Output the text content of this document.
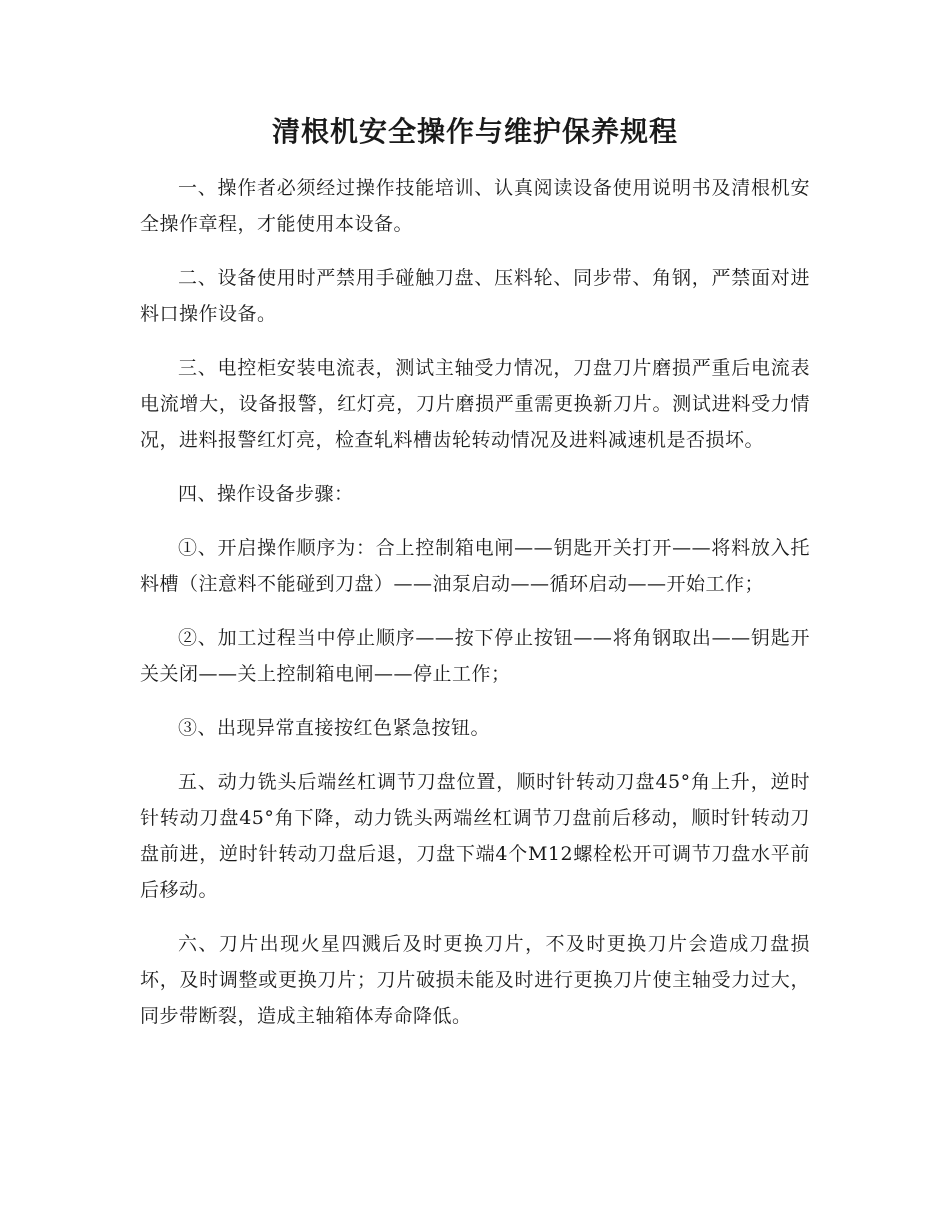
清根机安全操作与维护保养规程

一、操作者必须经过操作技能培训、认真阅读设备使用说明书及清根机安全操作章程，才能使用本设备。

二、设备使用时严禁用手碰触刀盘、压料轮、同步带、角钢，严禁面对进料口操作设备。

三、电控柜安装电流表，测试主轴受力情况，刀盘刀片磨损严重后电流表电流增大，设备报警，红灯亮，刀片磨损严重需更换新刀片。测试进料受力情况，进料报警红灯亮，检查轧料槽齿轮转动情况及进料减速机是否损坏。

四、操作设备步骤：

①、开启操作顺序为：合上控制箱电闸——钥匙开关打开——将料放入托料槽（注意料不能碰到刀盘）——油泵启动——循环启动——开始工作；

②、加工过程当中停止顺序——按下停止按钮——将角钢取出——钥匙开关关闭——关上控制箱电闸——停止工作；

③、出现异常直接按红色紧急按钮。

五、动力铣头后端丝杠调节刀盘位置，顺时针转动刀盘45°角上升，逆时针转动刀盘45°角下降，动力铣头两端丝杠调节刀盘前后移动，顺时针转动刀盘前进，逆时针转动刀盘后退，刀盘下端4个M12螺栓松开可调节刀盘水平前后移动。

六、刀片出现火星四溅后及时更换刀片，不及时更换刀片会造成刀盘损坏，及时调整或更换刀片；刀片破损未能及时进行更换刀片使主轴受力过大，同步带断裂，造成主轴箱体寿命降低。
